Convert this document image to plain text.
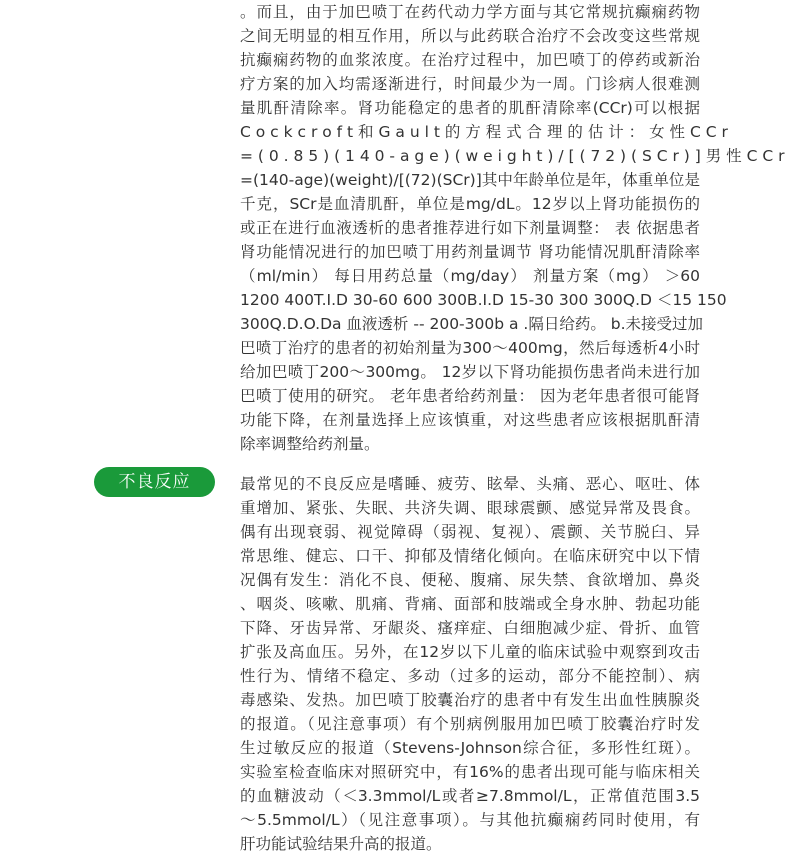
。而且，由于加巴喷丁在药代动力学方面与其它常规抗癫痫药物
之间无明显的相互作用，所以与此药联合治疗不会改变这些常规
抗癫痫药物的血浆浓度。在治疗过程中，加巴喷丁的停药或新治
疗方案的加入均需逐渐进行，时间最少为一周。门诊病人很难测
量肌酐清除率。肾功能稳定的患者的肌酐清除率(CCr)可以根据
C o c k c r o f t 和 G a u l t 的 方 程 式 合 理 的 估 计 ： 女 性 C C r
= ( 0 . 8 5 ) ( 1 4 0 - a g e ) ( w e i g h t ) / [ ( 7 2 ) ( S C r ) ] 男 性 C C r
=(140-age)(weight)/[(72)(SCr)]其中年龄单位是年，体重单位是
千克，SCr是血清肌酐，单位是mg/dL。12岁以上肾功能损伤的
或正在进行血液透析的患者推荐进行如下剂量调整： 表 依据患者
肾功能情况进行的加巴喷丁用药剂量调节 肾功能情况肌酐清除率
（ml/min） 每日用药总量（mg/day） 剂量方案（mg） ＞60
1200 400T.I.D 30-60 600 300B.I.D 15-30 300 300Q.D ＜15 150
300Q.D.O.Da 血液透析 -- 200-300b a .隔日给药。 b.未接受过加
巴喷丁治疗的患者的初始剂量为300～400mg，然后每透析4小时
给加巴喷丁200～300mg。 12岁以下肾功能损伤患者尚未进行加
巴喷丁使用的研究。 老年患者给药剂量： 因为老年患者很可能肾
功能下降，在剂量选择上应该慎重，对这些患者应该根据肌酐清
除率调整给药剂量。
不良反应	最常见的不良反应是嗜睡、疲劳、眩晕、头痛、恶心、呕吐、体
重增加、紧张、失眠、共济失调、眼球震颤、感觉异常及畏食。
偶有出现衰弱、视觉障碍（弱视、复视）、震颤、关节脱臼、异
常思维、健忘、口干、抑郁及情绪化倾向。在临床研究中以下情
况偶有发生：消化不良、便秘、腹痛、尿失禁、食欲增加、鼻炎
、咽炎、咳嗽、肌痛、背痛、面部和肢端或全身水肿、勃起功能
下降、牙齿异常、牙龈炎、瘙痒症、白细胞减少症、骨折、血管
扩张及高血压。另外，在12岁以下儿童的临床试验中观察到攻击
性行为、情绪不稳定、多动（过多的运动，部分不能控制）、病
毒感染、发热。加巴喷丁胶囊治疗的患者中有发生出血性胰腺炎
的报道。（见注意事项）有个别病例服用加巴喷丁胶囊治疗时发
生过敏反应的报道（Stevens-Johnson综合征，多形性红斑）。
实验室检查临床对照研究中，有16%的患者出现可能与临床相关
的血糖波动（＜3.3mmol/L或者≥7.8mmol/L，正常值范围3.5
～5.5mmol/L）（见注意事项）。与其他抗癫痫药同时使用，有
肝功能试验结果升高的报道。
